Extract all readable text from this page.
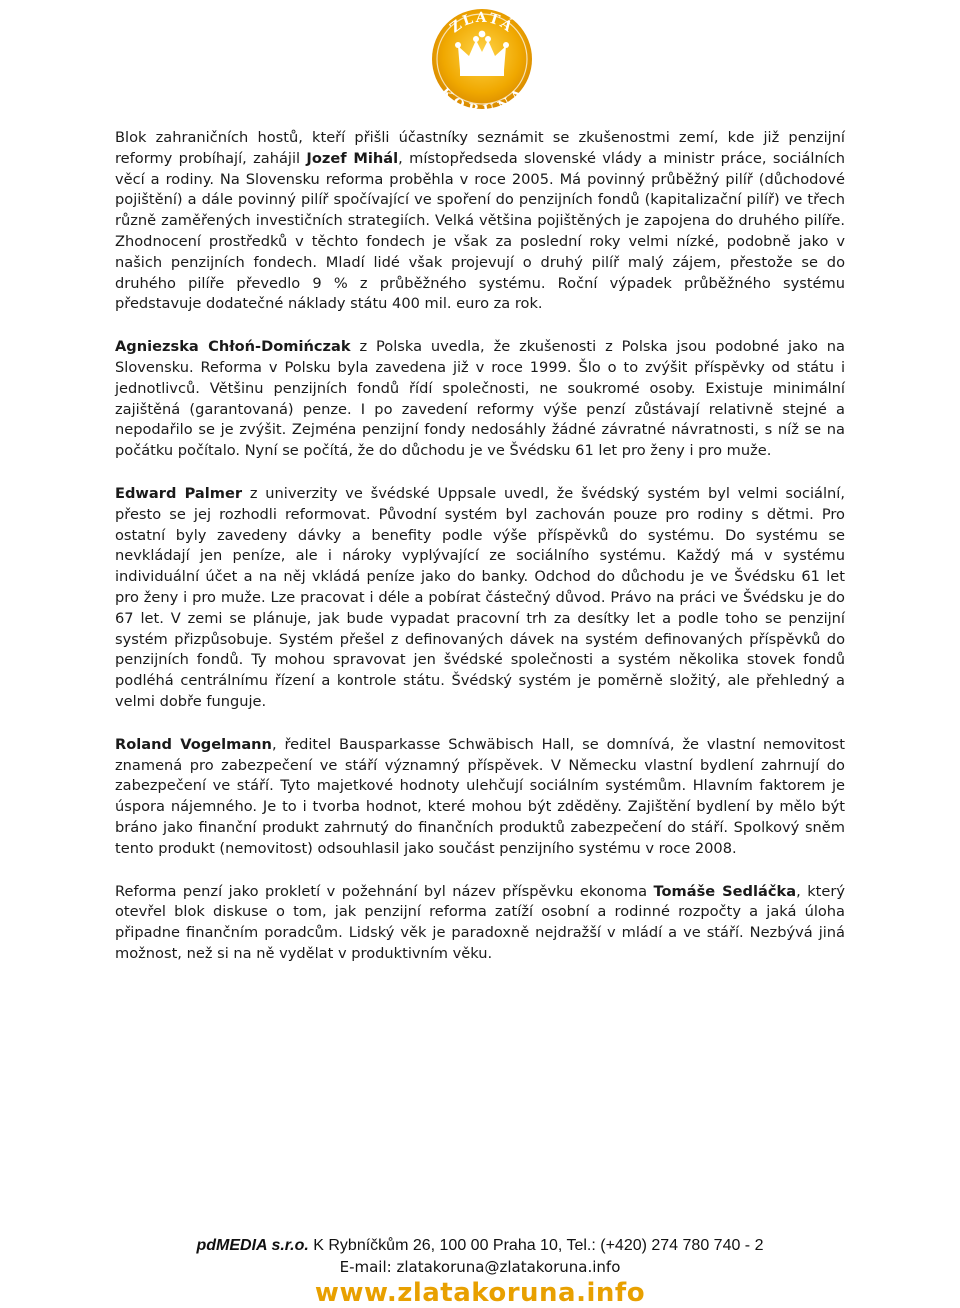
ZLATÁ
KORUNA

Blok zahraničních hostů, kteří přišli účastníky seznámit se zkušenostmi zemí, kde již penzijní reformy probíhají, zahájil Jozef Mihál, místopředseda slovenské vlády a ministr práce, sociálních věcí a rodiny. Na Slovensku reforma proběhla v roce 2005. Má povinný průběžný pilíř (důchodové pojištění) a dále povinný pilíř spočívající ve spoření do penzijních fondů (kapitalizační pilíř) ve třech různě zaměřených investičních strategiích. Velká většina pojištěných je zapojena do druhého pilíře. Zhodnocení prostředků v těchto fondech je však za poslední roky velmi nízké, podobně jako v našich penzijních fondech. Mladí lidé však projevují o druhý pilíř malý zájem, přestože se do druhého pilíře převedlo 9 % z průběžného systému. Roční výpadek průběžného systému představuje dodatečné náklady státu 400 mil. euro za rok.

Agniezska Chłoń-Domińczak z Polska uvedla, že zkušenosti z Polska jsou podobné jako na Slovensku. Reforma v Polsku byla zavedena již v roce 1999. Šlo o to zvýšit příspěvky od státu i jednotlivců. Většinu penzijních fondů řídí společnosti, ne soukromé osoby. Existuje minimální zajištěná (garantovaná) penze. I po zavedení reformy výše penzí zůstávají relativně stejné a nepodařilo se je zvýšit. Zejména penzijní fondy nedosáhly žádné závratné návratnosti, s níž se na počátku počítalo. Nyní se počítá, že do důchodu je ve Švédsku 61 let pro ženy i pro muže.

Edward Palmer z univerzity ve švédské Uppsale uvedl, že švédský systém byl velmi sociální, přesto se jej rozhodli reformovat. Původní systém byl zachován pouze pro rodiny s dětmi. Pro ostatní byly zavedeny dávky a benefity podle výše příspěvků do systému. Do systému se nevkládají jen peníze, ale i nároky vyplývající ze sociálního systému. Každý má v systému individuální účet a na něj vkládá peníze jako do banky. Odchod do důchodu je ve Švédsku 61 let pro ženy i pro muže. Lze pracovat i déle a pobírat částečný důvod. Právo na práci ve Švédsku je do 67 let. V zemi se plánuje, jak bude vypadat pracovní trh za desítky let a podle toho se penzijní systém přizpůsobuje. Systém přešel z definovaných dávek na systém definovaných příspěvků do penzijních fondů. Ty mohou spravovat jen švédské společnosti a systém několika stovek fondů podléhá centrálnímu řízení a kontrole státu. Švédský systém je poměrně složitý, ale přehledný a velmi dobře funguje.

Roland Vogelmann, ředitel Bausparkasse Schwäbisch Hall, se domnívá, že vlastní nemovitost znamená pro zabezpečení ve stáří významný příspěvek. V Německu vlastní bydlení zahrnují do zabezpečení ve stáří. Tyto majetkové hodnoty ulehčují sociálním systémům. Hlavním faktorem je úspora nájemného. Je to i tvorba hodnot, které mohou být zděděny. Zajištění bydlení by mělo být bráno jako finanční produkt zahrnutý do finančních produktů zabezpečení do stáří. Spolkový sněm tento produkt (nemovitost) odsouhlasil jako součást penzijního systému v roce 2008.

Reforma penzí jako prokletí v požehnání byl název příspěvku ekonoma Tomáše Sedláčka, který otevřel blok diskuse o tom, jak penzijní reforma zatíží osobní a rodinné rozpočty a jaká úloha připadne finančním poradcům. Lidský věk je paradoxně nejdražší v mládí a ve stáří. Nezbývá jiná možnost, než si na ně vydělat v produktivním věku.

pdMEDIA s.r.o. K Rybníčkům 26, 100 00 Praha 10, Tel.: (+420) 274 780 740 - 2
E-mail: zlatakoruna@zlatakoruna.info
www.zlatakoruna.info
